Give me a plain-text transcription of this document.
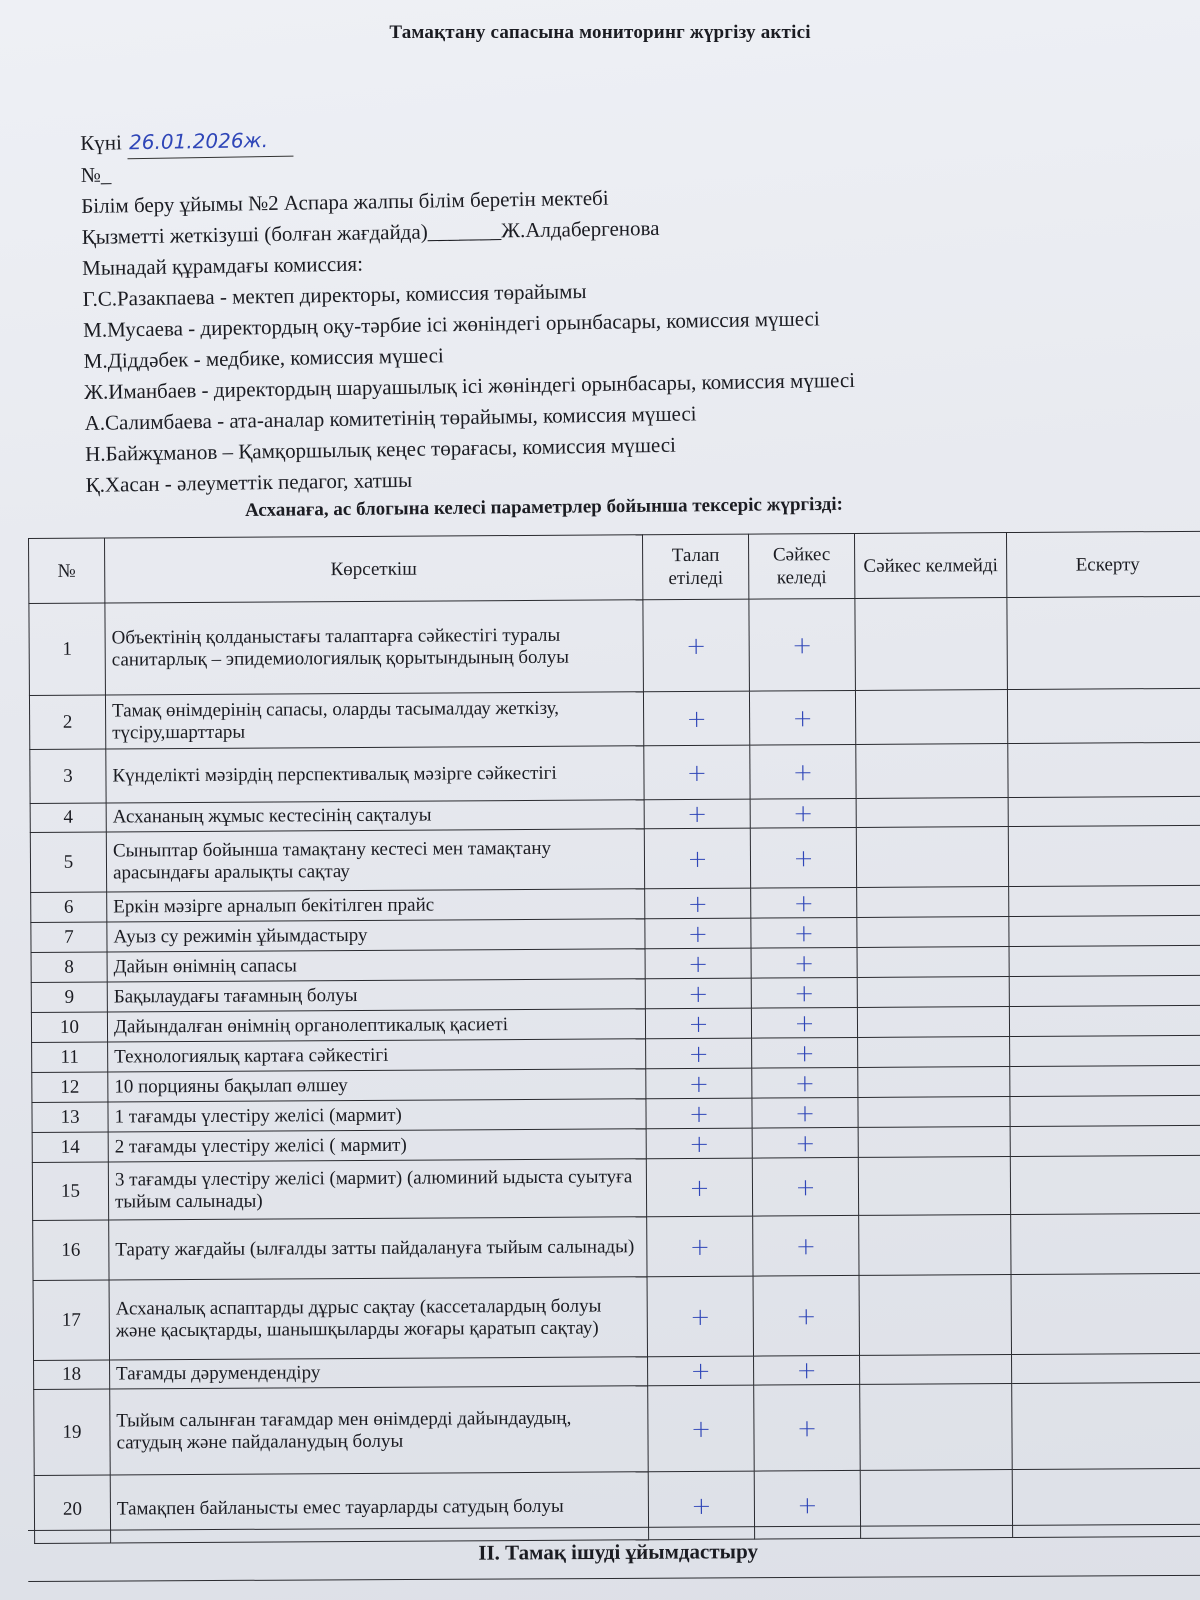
Тамақтану сапасына мониторинг жүргізу актісі
Күні 26.01.2026ж.
№_
Білім беру ұйымы №2 Аспара жалпы білім беретін мектебі
Қызметті жеткізуші (болған жағдайда)_______Ж.Алдабергенова
Мынадай құрамдағы комиссия:
Г.С.Разакпаева - мектеп директоры, комиссия төрайымы
М.Мусаева - директордың оқу-тәрбие ісі жөніндегі орынбасары, комиссия мүшесі
М.Діддәбек - медбике, комиссия мүшесі
Ж.Иманбаев - директордың шаруашылық ісі жөніндегі орынбасары, комиссия мүшесі
А.Салимбаева - ата-аналар комитетінің төрайымы, комиссия мүшесі
Н.Байжұманов – Қамқоршылық кеңес төрағасы, комиссия мүшесі
Қ.Хасан - әлеуметтік педагог, хатшы
Асханаға, ас блогына келесі параметрлер бойынша тексеріс жүргізді:
№	Көрсеткіш	Талап етіледі	Сәйкес келеді	Сәйкес келмейді	Ескерту
1	Объектінің қолданыстағы талаптарға сәйкестігі туралы санитарлық – эпидемиологиялық қорытындының болуы	+	+		
2	Тамақ өнімдерінің сапасы, оларды тасымалдау жеткізу, түсіру,шарттары	+	+		
3	Күнделікті мәзірдің перспективалық мәзірге сәйкестігі	+	+		
4	Асхананың жұмыс кестесінің сақталуы	+	+		
5	Сыныптар бойынша тамақтану кестесі мен тамақтану арасындағы аралықты сақтау	+	+		
6	Еркін мәзірге арналып бекітілген прайс	+	+		
7	Ауыз су режимін ұйымдастыру	+	+		
8	Дайын өнімнің сапасы	+	+		
9	Бақылаудағы тағамның болуы	+	+		
10	Дайындалған өнімнің органолептикалық қасиеті	+	+		
11	Технологиялық картаға сәйкестігі	+	+		
12	10 порцияны бақылап өлшеу	+	+		
13	1 тағамды үлестіру желісі (мармит)	+	+		
14	2 тағамды үлестіру желісі ( мармит)	+	+		
15	3 тағамды үлестіру желісі (мармит) (алюминий ыдыста суытуға тыйым салынады)	+	+		
16	Тарату жағдайы (ылғалды затты пайдалануға тыйым салынады)	+	+		
17	Асханалық аспаптарды дұрыс сақтау (кассеталардың болуы және қасықтарды, шанышқыларды жоғары қаратып сақтау)	+	+		
18	Тағамды дәрумендендіру	+	+		
19	Тыйым салынған тағамдар мен өнімдерді дайындаудың, сатудың және пайдаланудың болуы	+	+		
20	Тамақпен байланысты емес тауарларды сатудың болуы	+	+		
II. Тамақ ішуді ұйымдастыру
